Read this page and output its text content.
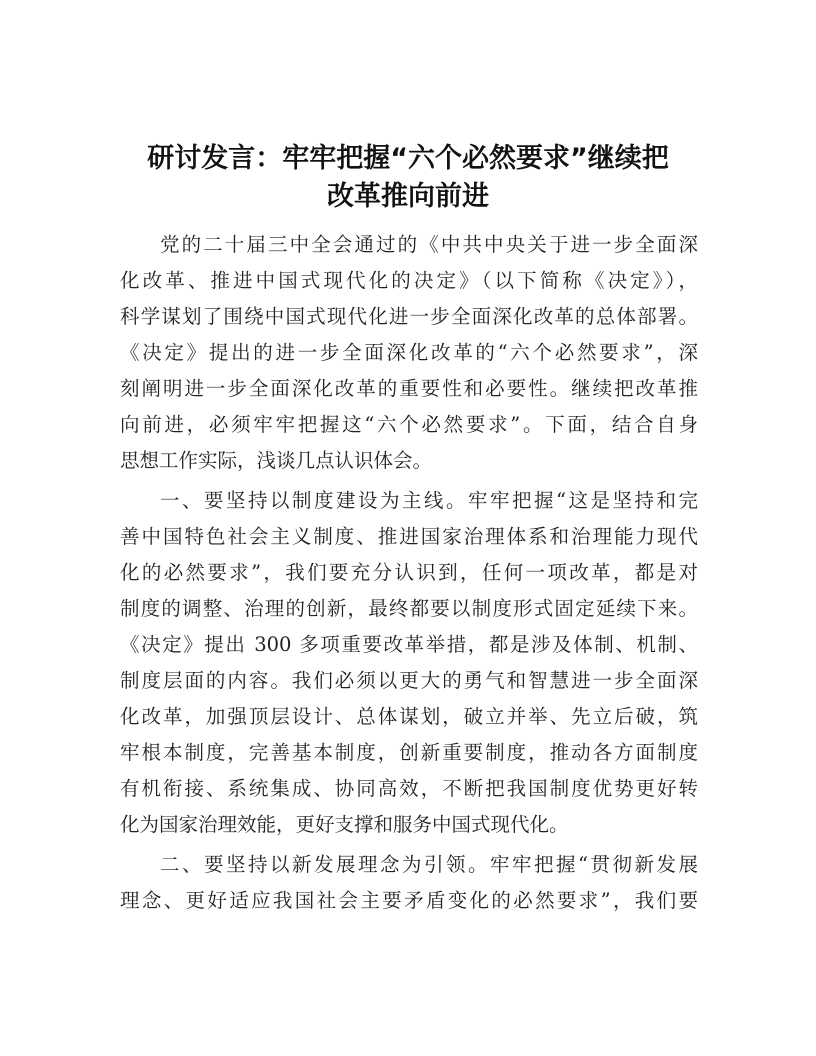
研讨发言：牢牢把握“六个必然要求”继续把
改革推向前进
党的二十届三中全会通过的《中共中央关于进一步全面深
化改革、推进中国式现代化的决定》（以下简称《决定》），
科学谋划了围绕中国式现代化进一步全面深化改革的总体部署。
《决定》提出的进一步全面深化改革的“六个必然要求”，深
刻阐明进一步全面深化改革的重要性和必要性。继续把改革推
向前进，必须牢牢把握这“六个必然要求”。下面，结合自身
思想工作实际，浅谈几点认识体会。
一、要坚持以制度建设为主线。牢牢把握“这是坚持和完
善中国特色社会主义制度、推进国家治理体系和治理能力现代
化的必然要求”，我们要充分认识到，任何一项改革，都是对
制度的调整、治理的创新，最终都要以制度形式固定延续下来。
《决定》提出 300 多项重要改革举措，都是涉及体制、机制、
制度层面的内容。我们必须以更大的勇气和智慧进一步全面深
化改革，加强顶层设计、总体谋划，破立并举、先立后破，筑
牢根本制度，完善基本制度，创新重要制度，推动各方面制度
有机衔接、系统集成、协同高效，不断把我国制度优势更好转
化为国家治理效能，更好支撑和服务中国式现代化。
二、要坚持以新发展理念为引领。牢牢把握“贯彻新发展
理念、更好适应我国社会主要矛盾变化的必然要求”，我们要
